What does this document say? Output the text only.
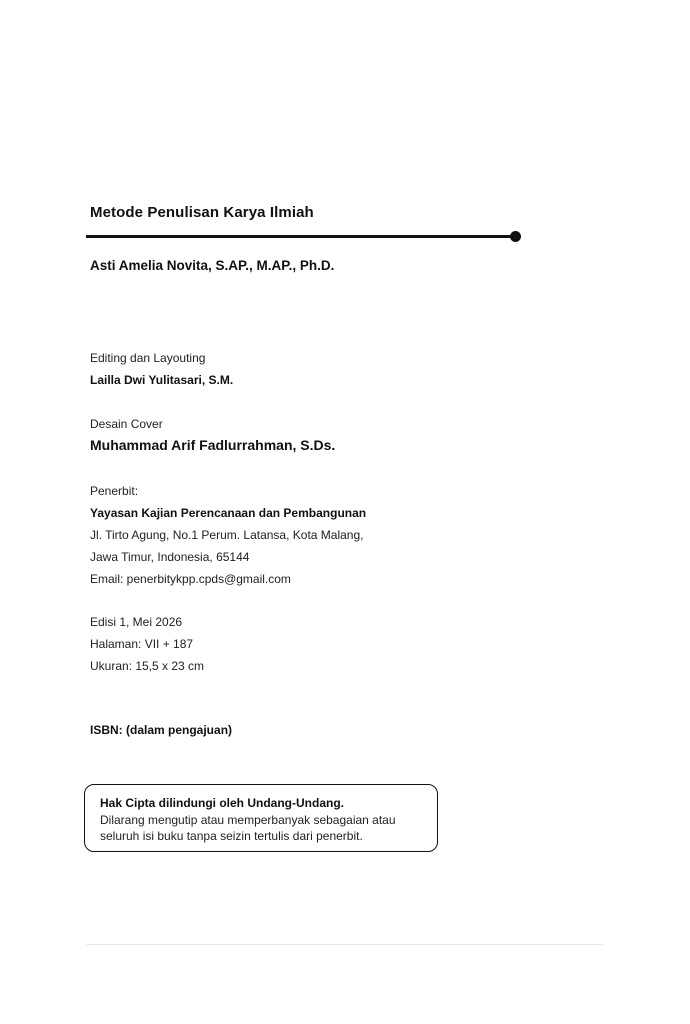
Metode Penulisan Karya Ilmiah
Asti Amelia Novita, S.AP., M.AP., Ph.D.
Editing dan Layouting
Lailla Dwi Yulitasari, S.M.
Desain Cover
Muhammad Arif Fadlurrahman, S.Ds.
Penerbit:
Yayasan Kajian Perencanaan dan Pembangunan
Jl. Tirto Agung, No.1 Perum. Latansa, Kota Malang,
Jawa Timur, Indonesia, 65144
Email: penerbitykpp.cpds@gmail.com
Edisi 1, Mei 2026
Halaman: VII + 187
Ukuran: 15,5 x 23 cm
ISBN: (dalam pengajuan)
Hak Cipta dilindungi oleh Undang-Undang.
Dilarang mengutip atau memperbanyak sebagaian atau seluruh isi buku tanpa seizin tertulis dari penerbit.
